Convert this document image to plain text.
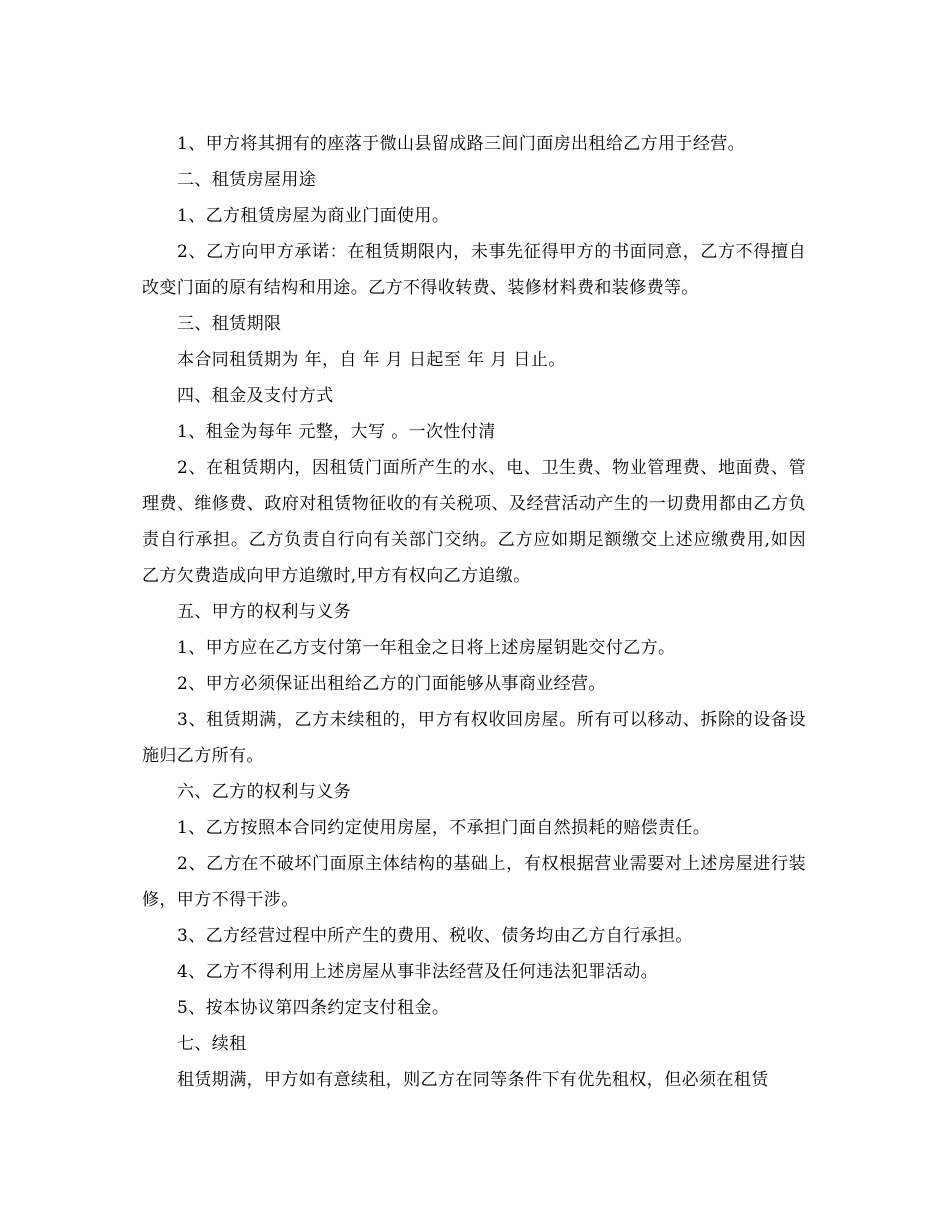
1、甲方将其拥有的座落于微山县留成路三间门面房出租给乙方用于经营。

二、租赁房屋用途

1、乙方租赁房屋为商业门面使用。

2、乙方向甲方承诺：在租赁期限内，未事先征得甲方的书面同意，乙方不得擅自改变门面的原有结构和用途。乙方不得收转费、装修材料费和装修费等。

三、租赁期限

本合同租赁期为 年，自 年 月 日起至 年 月 日止。

四、租金及支付方式

1、租金为每年 元整，大写 。一次性付清

2、在租赁期内，因租赁门面所产生的水、电、卫生费、物业管理费、地面费、管理费、维修费、政府对租赁物征收的有关税项、及经营活动产生的一切费用都由乙方负责自行承担。乙方负责自行向有关部门交纳。乙方应如期足额缴交上述应缴费用,如因乙方欠费造成向甲方追缴时,甲方有权向乙方追缴。

五、甲方的权利与义务

1、甲方应在乙方支付第一年租金之日将上述房屋钥匙交付乙方。

2、甲方必须保证出租给乙方的门面能够从事商业经营。

3、租赁期满，乙方未续租的，甲方有权收回房屋。所有可以移动、拆除的设备设施归乙方所有。

六、乙方的权利与义务

1、乙方按照本合同约定使用房屋，不承担门面自然损耗的赔偿责任。

2、乙方在不破坏门面原主体结构的基础上，有权根据营业需要对上述房屋进行装修，甲方不得干涉。

3、乙方经营过程中所产生的费用、税收、债务均由乙方自行承担。

4、乙方不得利用上述房屋从事非法经营及任何违法犯罪活动。

5、按本协议第四条约定支付租金。

七、续租

租赁期满，甲方如有意续租，则乙方在同等条件下有优先租权，但必须在租赁
